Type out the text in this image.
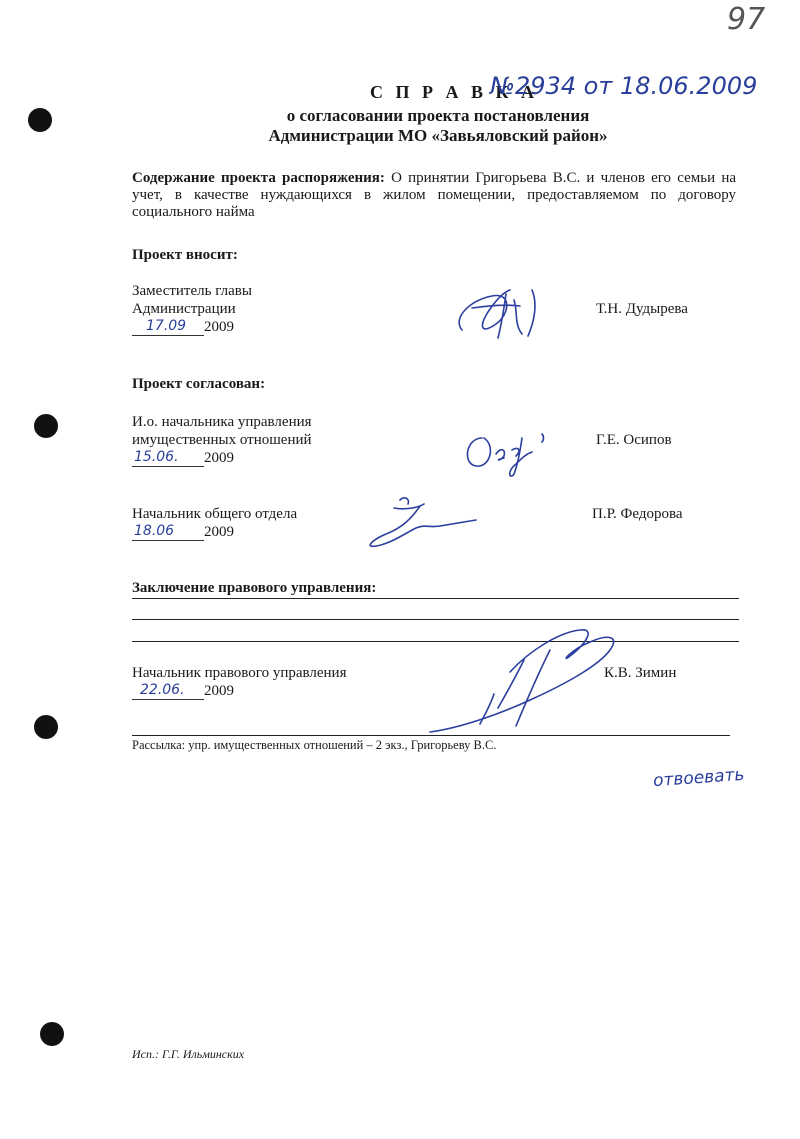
97
С П Р А В К А
№2934 от 18.06.2009
о согласовании проекта постановления
Администрации МО «Завьяловский район»
Содержание проекта распоряжения: О принятии Григорьева В.С. и членов его семьи на учет, в качестве нуждающихся в жилом помещении, предоставляемом по договору социального найма
Проект вносит:
Заместитель главы
Администрации
17.09 2009
Т.Н. Дудырева
Проект согласован:
И.о. начальника управления
имущественных отношений
15.06. 2009
Г.Е. Осипов
Начальник общего отдела
18.06 2009
П.Р. Федорова
Заключение правового управления:
Начальник правового управления
22.06. 2009
К.В. Зимин
Рассылка: упр. имущественных отношений – 2 экз., Григорьеву В.С.
отвоевать
Исп.: Г.Г. Ильминских
